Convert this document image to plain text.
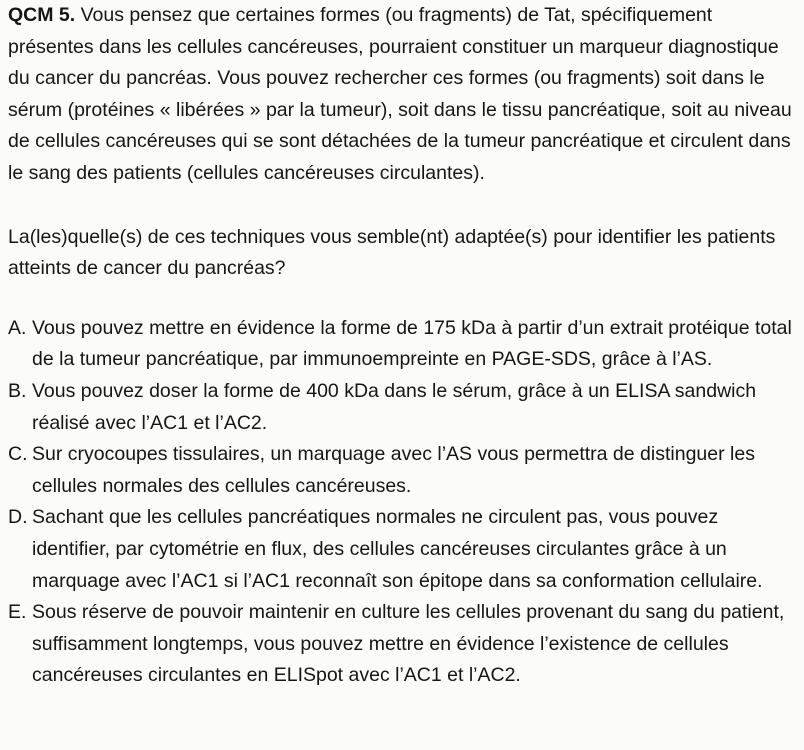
QCM 5. Vous pensez que certaines formes (ou fragments) de Tat, spécifiquement présentes dans les cellules cancéreuses, pourraient constituer un marqueur diagnostique du cancer du pancréas. Vous pouvez rechercher ces formes (ou fragments) soit dans le sérum (protéines « libérées » par la tumeur), soit dans le tissu pancréatique, soit au niveau de cellules cancéreuses qui se sont détachées de la tumeur pancréatique et circulent dans le sang des patients (cellules cancéreuses circulantes).

La(les)quelle(s) de ces techniques vous semble(nt) adaptée(s) pour identifier les patients atteints de cancer du pancréas?

A. Vous pouvez mettre en évidence la forme de 175 kDa à partir d’un extrait protéique total de la tumeur pancréatique, par immunoempreinte en PAGE-SDS, grâce à l’AS.
B. Vous pouvez doser la forme de 400 kDa dans le sérum, grâce à un ELISA sandwich réalisé avec l’AC1 et l’AC2.
C. Sur cryocoupes tissulaires, un marquage avec l’AS vous permettra de distinguer les cellules normales des cellules cancéreuses.
D. Sachant que les cellules pancréatiques normales ne circulent pas, vous pouvez identifier, par cytométrie en flux, des cellules cancéreuses circulantes grâce à un marquage avec l’AC1 si l’AC1 reconnaît son épitope dans sa conformation cellulaire.
E. Sous réserve de pouvoir maintenir en culture les cellules provenant du sang du patient, suffisamment longtemps, vous pouvez mettre en évidence l’existence de cellules cancéreuses circulantes en ELISpot avec l’AC1 et l’AC2.
